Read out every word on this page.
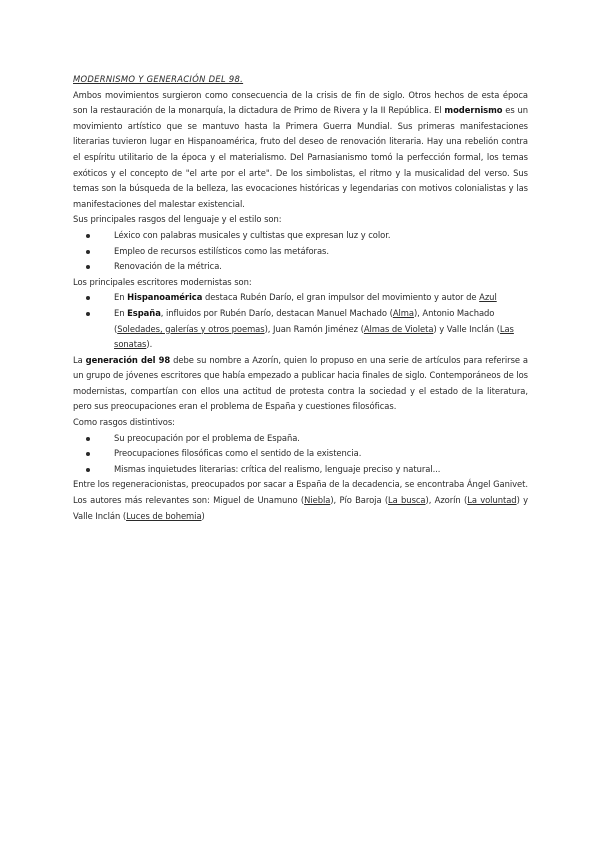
MODERNISMO Y GENERACIÓN DEL 98.

Ambos movimientos surgieron como consecuencia de la crisis de fin de siglo. Otros hechos de esta época son la restauración de la monarquía, la dictadura de Primo de Rivera y la II República. El modernismo es un movimiento artístico que se mantuvo hasta la Primera Guerra Mundial. Sus primeras manifestaciones literarias tuvieron lugar en Hispanoamérica, fruto del deseo de renovación literaria. Hay una rebelión contra el espíritu utilitario de la época y el materialismo. Del Parnasianismo tomó la perfección formal, los temas exóticos y el concepto de "el arte por el arte". De los simbolistas, el ritmo y la musicalidad del verso. Sus temas son la búsqueda de la belleza, las evocaciones históricas y legendarias con motivos colonialistas y las manifestaciones del malestar existencial.

Sus principales rasgos del lenguaje y el estilo son:

Léxico con palabras musicales y cultistas que expresan luz y color.
Empleo de recursos estilísticos como las metáforas.
Renovación de la métrica.

Los principales escritores modernistas son:

En Hispanoamérica destaca Rubén Darío, el gran impulsor del movimiento y autor de Azul
En España, influidos por Rubén Darío, destacan Manuel Machado (Alma), Antonio Machado (Soledades, galerías y otros poemas), Juan Ramón Jiménez (Almas de Violeta) y Valle Inclán (Las sonatas).

La generación del 98 debe su nombre a Azorín, quien lo propuso en una serie de artículos para referirse a un grupo de jóvenes escritores que había empezado a publicar hacia finales de siglo. Contemporáneos de los modernistas, compartían con ellos una actitud de protesta contra la sociedad y el estado de la literatura, pero sus preocupaciones eran el problema de España y cuestiones filosóficas.

Como rasgos distintivos:

Su preocupación por el problema de España.
Preocupaciones filosóficas como el sentido de la existencia.
Mismas inquietudes literarias: crítica del realismo, lenguaje preciso y natural...

Entre los regeneracionistas, preocupados por sacar a España de la decadencia, se encontraba Ángel Ganivet. Los autores más relevantes son: Miguel de Unamuno (Niebla), Pío Baroja (La busca), Azorín (La voluntad) y Valle Inclán (Luces de bohemia)
